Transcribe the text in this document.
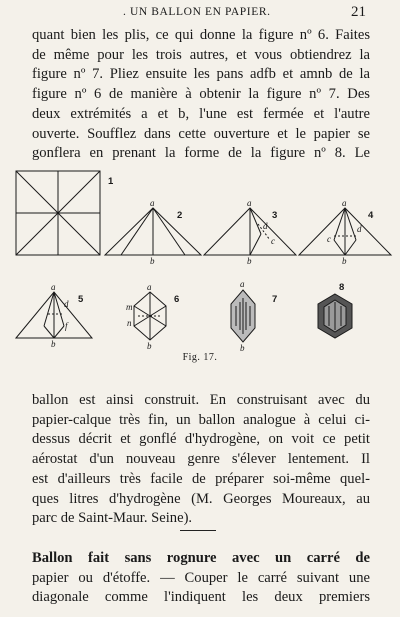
. UN BALLON EN PAPIER.	21

quant bien les plis, ce qui donne la figure nº 6. Faites
de même pour les trois autres, et vous obtiendrez la
figure nº 7. Pliez ensuite les pans adfb et amnb de la
figure nº 6 de manière à obtenir la figure nº 7. Des
deux extrémités a et b, l'une est fermée et l'autre
ouverte. Soufflez dans cette ouverture et le papier se
gonflera en prenant la forme de la figure nº 8. Le

1
2	3	4
5	6	7
8
a
b
a
d
c
b
a
d
c
b
a
d
f
b
a
m
n
b
a
b
Fig. 17.

ballon est ainsi construit. En construisant avec du
papier-calque très fin, un ballon analogue à celui ci-
dessus décrit et gonflé d'hydrogène, on voit ce petit
aérostat d'un nouveau genre s'élever lentement. Il
est d'ailleurs très facile de préparer soi-même quel-
ques litres d'hydrogène (M. Georges Moureaux, au
parc de Saint-Maur. Seine).

Ballon fait sans rognure avec un carré de
papier ou d'étoffe. — Couper le carré suivant une
diagonale comme l'indiquent les deux premiers
